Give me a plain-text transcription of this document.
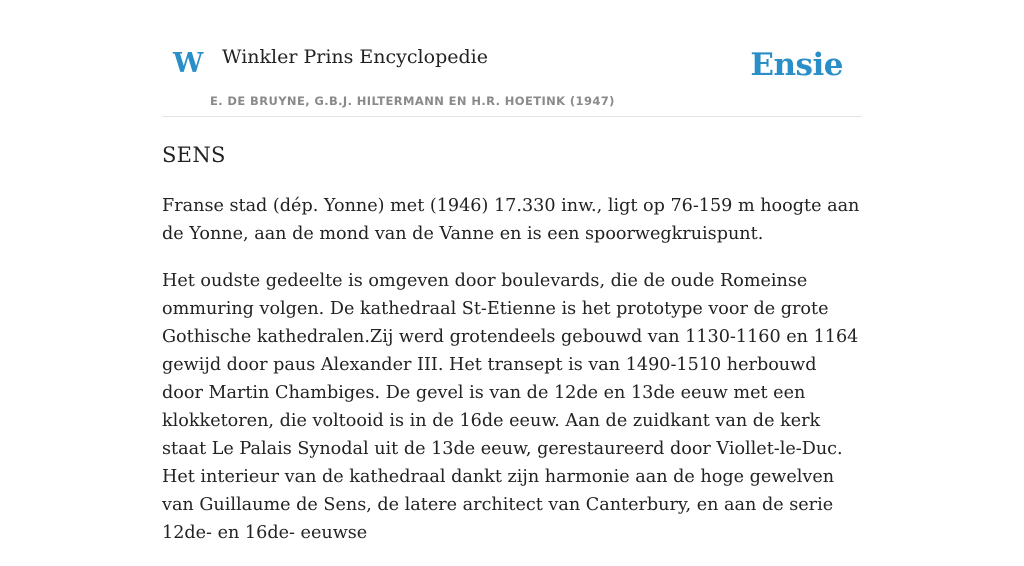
W Winkler Prins Encyclopedie
E. DE BRUYNE, G.B.J. HILTERMANN EN H.R. HOETINK (1947)
Ensie
SENS

Franse stad (dép. Yonne) met (1946) 17.330 inw., ligt op 76-159 m hoogte aan de Yonne, aan de mond van de Vanne en is een spoorwegkruispunt.

Het oudste gedeelte is omgeven door boulevards, die de oude Romeinse ommuring volgen. De kathedraal St-Etienne is het prototype voor de grote Gothische kathedralen.Zij werd grotendeels gebouwd van 1130-1160 en 1164 gewijd door paus Alexander III. Het transept is van 1490-1510 herbouwd door Martin Chambiges. De gevel is van de 12de en 13de eeuw met een klokketoren, die voltooid is in de 16de eeuw. Aan de zuidkant van de kerk staat Le Palais Synodal uit de 13de eeuw, gerestaureerd door Viollet-le-Duc. Het interieur van de kathedraal dankt zijn harmonie aan de hoge gewelven van Guillaume de Sens, de latere architect van Canterbury, en aan de serie 12de- en 16de- eeuwse
